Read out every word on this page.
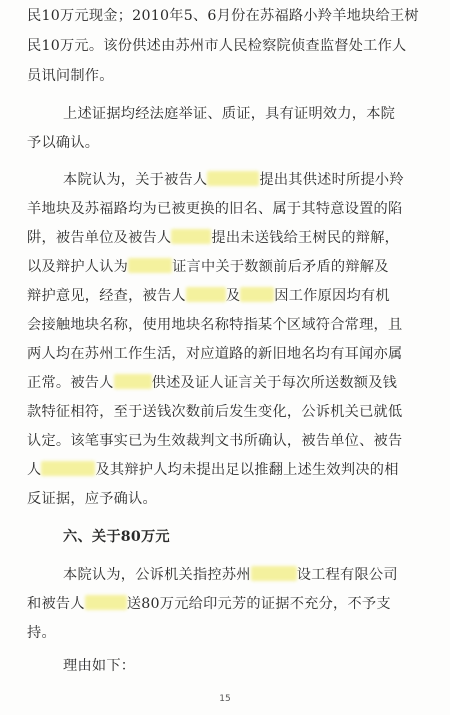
民10万元现金；2010年5、6月份在苏福路小羚羊地块给王树
民10万元。该份供述由苏州市人民检察院侦查监督处工作人
员讯问制作。
上述证据均经法庭举证、质证，具有证明效力，本院
予以确认。
本院认为，关于被告人	提出其供述时所提小羚
羊地块及苏福路均为已被更换的旧名、属于其特意设置的陷
阱，被告单位及被告人	提出未送钱给王树民的辩解，
以及辩护人认为	证言中关于数额前后矛盾的辩解及
辩护意见，经查，被告人	及 因工作原因均有机
会接触地块名称，使用地块名称特指某个区域符合常理，且
两人均在苏州工作生活，对应道路的新旧地名均有耳闻亦属
正常。被告人	供述及证人证言关于每次所送数额及钱
款特征相符，至于送钱次数前后发生变化，公诉机关已就低
认定。该笔事实已为生效裁判文书所确认，被告单位、被告
人	及其辩护人均未提出足以推翻上述生效判决的相
反证据，应予确认。
六、关于80万元
本院认为，公诉机关指控苏州	设工程有限公司
和被告人	送80万元给印元芳的证据不充分，不予支
持。
理由如下：
15
